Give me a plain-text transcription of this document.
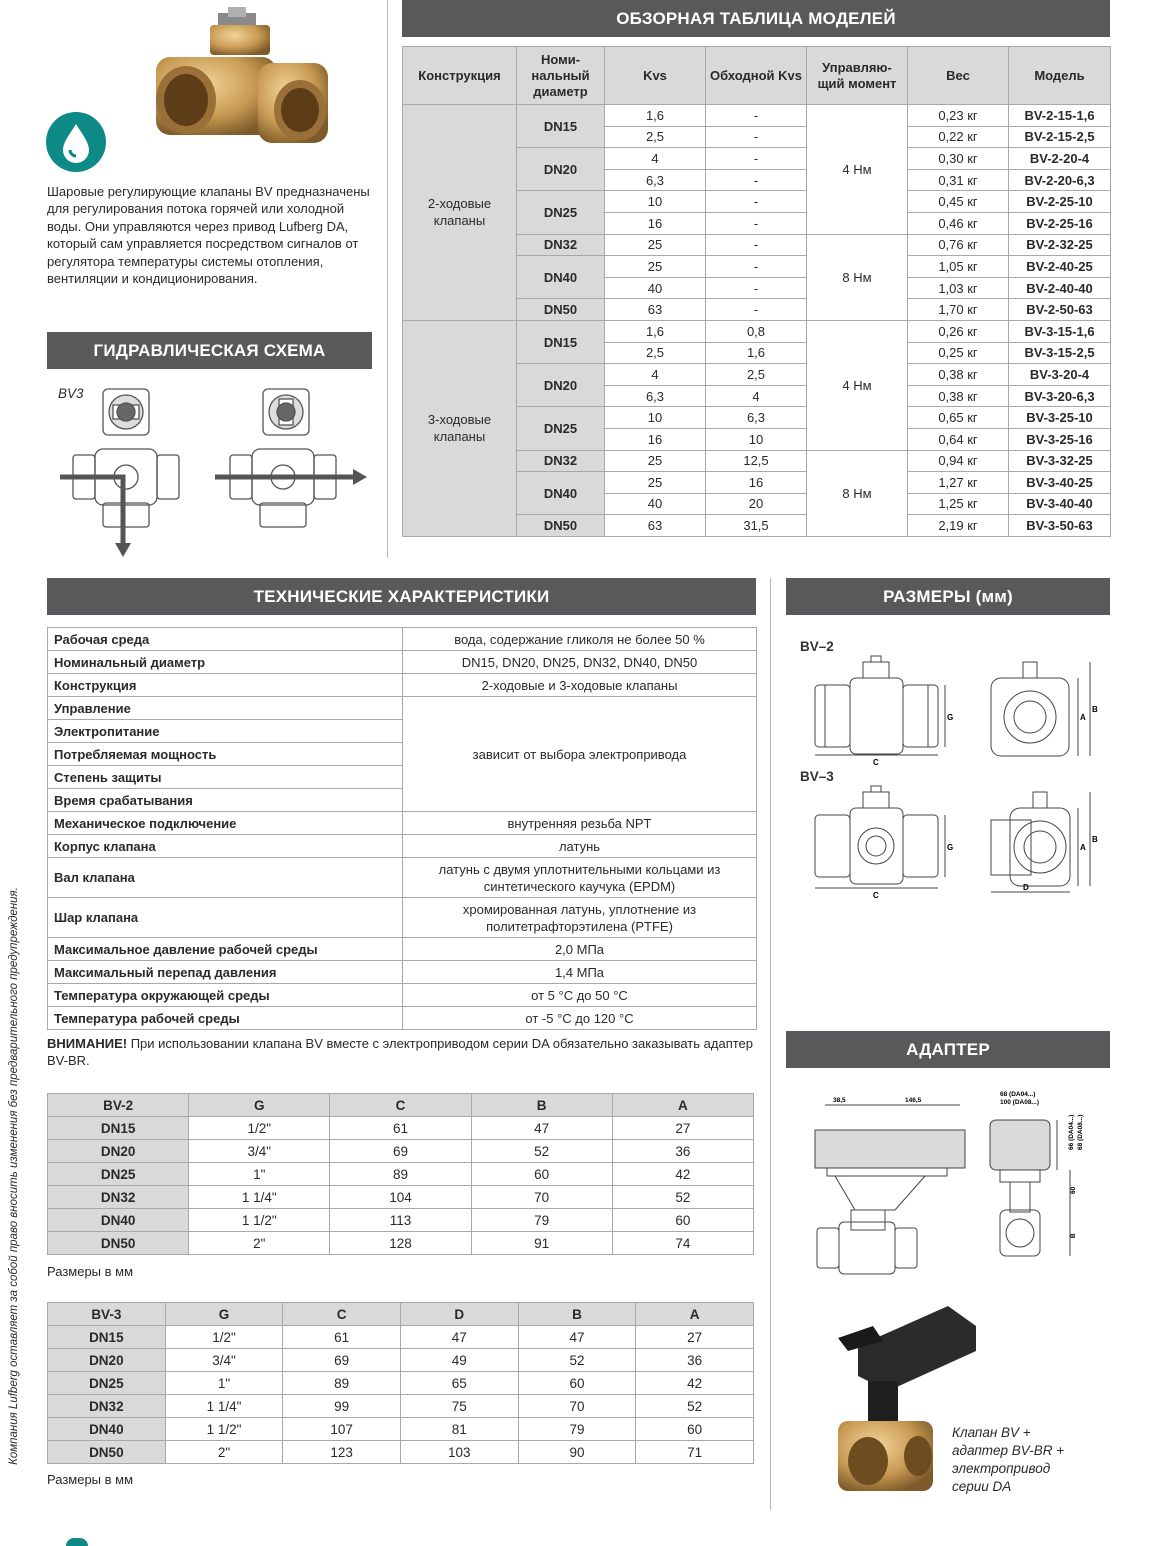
Шаровые регулирующие клапаны BV предназначены для регулирования потока горячей или холодной воды. Они управляются через привод Lufberg DA, который сам управляется посредством сигналов от регулятора температуры системы отопления, вентиляции и кондиционирования.
ГИДРАВЛИЧЕСКАЯ СХЕМА
BV3
ОБЗОРНАЯ ТАБЛИЦА МОДЕЛЕЙ
Конструкция	Номи-нальный диаметр	Kvs	Обходной Kvs	Управляю-щий момент	Вес	Модель
2-ходовые клапаны	DN15	1,6	-	4 Нм	0,23 кг	BV-2-15-1,6
		2,5	-		0,22 кг	BV-2-15-2,5
	DN20	4	-		0,30 кг	BV-2-20-4
		6,3	-		0,31 кг	BV-2-20-6,3
	DN25	10	-		0,45 кг	BV-2-25-10
		16	-		0,46 кг	BV-2-25-16
	DN32	25	-	8 Нм	0,76 кг	BV-2-32-25
	DN40	25	-		1,05 кг	BV-2-40-25
		40	-		1,03 кг	BV-2-40-40
	DN50	63	-		1,70 кг	BV-2-50-63
3-ходовые клапаны	DN15	1,6	0,8	4 Нм	0,26 кг	BV-3-15-1,6
		2,5	1,6		0,25 кг	BV-3-15-2,5
	DN20	4	2,5		0,38 кг	BV-3-20-4
		6,3	4		0,38 кг	BV-3-20-6,3
	DN25	10	6,3		0,65 кг	BV-3-25-10
		16	10		0,64 кг	BV-3-25-16
	DN32	25	12,5	8 Нм	0,94 кг	BV-3-32-25
	DN40	25	16		1,27 кг	BV-3-40-25
		40	20		1,25 кг	BV-3-40-40
	DN50	63	31,5		2,19 кг	BV-3-50-63
ТЕХНИЧЕСКИЕ ХАРАКТЕРИСТИКИ
Рабочая среда	вода, содержание гликоля не более 50 %
Номинальный диаметр	DN15, DN20, DN25, DN32, DN40, DN50
Конструкция	2-ходовые и 3-ходовые клапаны
Управление	зависит от выбора электропривода
Электропитание	
Потребляемая мощность	
Степень защиты	
Время срабатывания	
Механическое подключение	внутренняя резьба NPT
Корпус клапана	латунь
Вал клапана	латунь с двумя уплотнительными кольцами из синтетического каучука (EPDM)
Шар клапана	хромированная латунь, уплотнение из политетрафторэтилена (PTFE)
Максимальное давление рабочей среды	2,0 МПа
Максимальный перепад давления	1,4 МПа
Температура окружающей среды	от 5 °С до 50 °С
Температура рабочей среды	от -5 °С до 120 °С
ВНИМАНИЕ! При использовании клапана BV вместе с электроприводом серии DA обязательно заказывать адаптер BV-BR.
BV-2	G	C	B	A
DN15	1/2"	61	47	27
DN20	3/4"	69	52	36
DN25	1"	89	60	42
DN32	1 1/4"	104	70	52
DN40	1 1/2"	113	79	60
DN50	2"	128	91	74
Размеры в мм
BV-3	G	C	D	B	A
DN15	1/2"	61	47	47	27
DN20	3/4"	69	49	52	36
DN25	1"	89	65	60	42
DN32	1 1/4"	99	75	70	52
DN40	1 1/2"	107	81	79	60
DN50	2"	123	103	90	71
Размеры в мм
РАЗМЕРЫ (мм)
BV–2
BV–3
C
G	A
B
C
G
D
A
B
АДАПТЕР
38,5	146,5
68 (DA04...)
100 (DA08...)
66 (DA04...) 68 (DA08...)
60
B
Клапан BV +
адаптер BV-BR +
электропривод
серии DA
Компания Lufberg оставляет за собой право вносить изменения без предварительного предупреждения.
